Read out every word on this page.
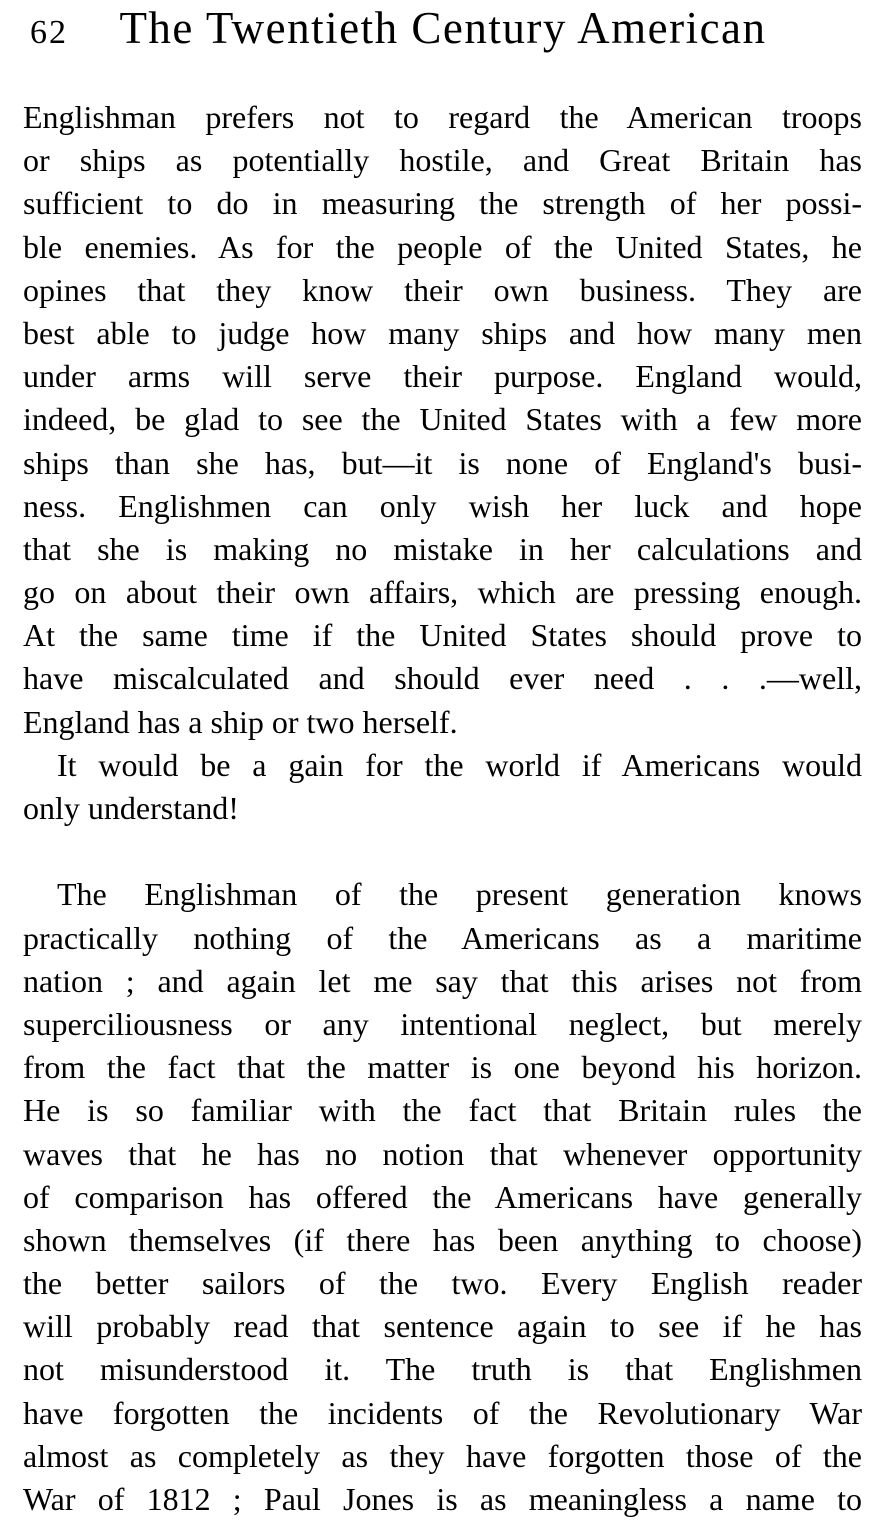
62	The Twentieth Century American
Englishman prefers not to regard the American troops
or ships as potentially hostile, and Great Britain has
sufficient to do in measuring the strength of her possi-
ble enemies. As for the people of the United States, he
opines that they know their own business. They are
best able to judge how many ships and how many men
under arms will serve their purpose. England would,
indeed, be glad to see the United States with a few more
ships than she has, but—it is none of England's busi-
ness. Englishmen can only wish her luck and hope
that she is making no mistake in her calculations and
go on about their own affairs, which are pressing enough.
At the same time if the United States should prove to
have miscalculated and should ever need . . .—well,
England has a ship or two herself.
It would be a gain for the world if Americans would
only understand!
The Englishman of the present generation knows
practically nothing of the Americans as a maritime
nation ; and again let me say that this arises not from
superciliousness or any intentional neglect, but merely
from the fact that the matter is one beyond his horizon.
He is so familiar with the fact that Britain rules the
waves that he has no notion that whenever opportunity
of comparison has offered the Americans have generally
shown themselves (if there has been anything to choose)
the better sailors of the two. Every English reader
will probably read that sentence again to see if he has
not misunderstood it. The truth is that Englishmen
have forgotten the incidents of the Revolutionary War
almost as completely as they have forgotten those of the
War of 1812 ; Paul Jones is as meaningless a name to
